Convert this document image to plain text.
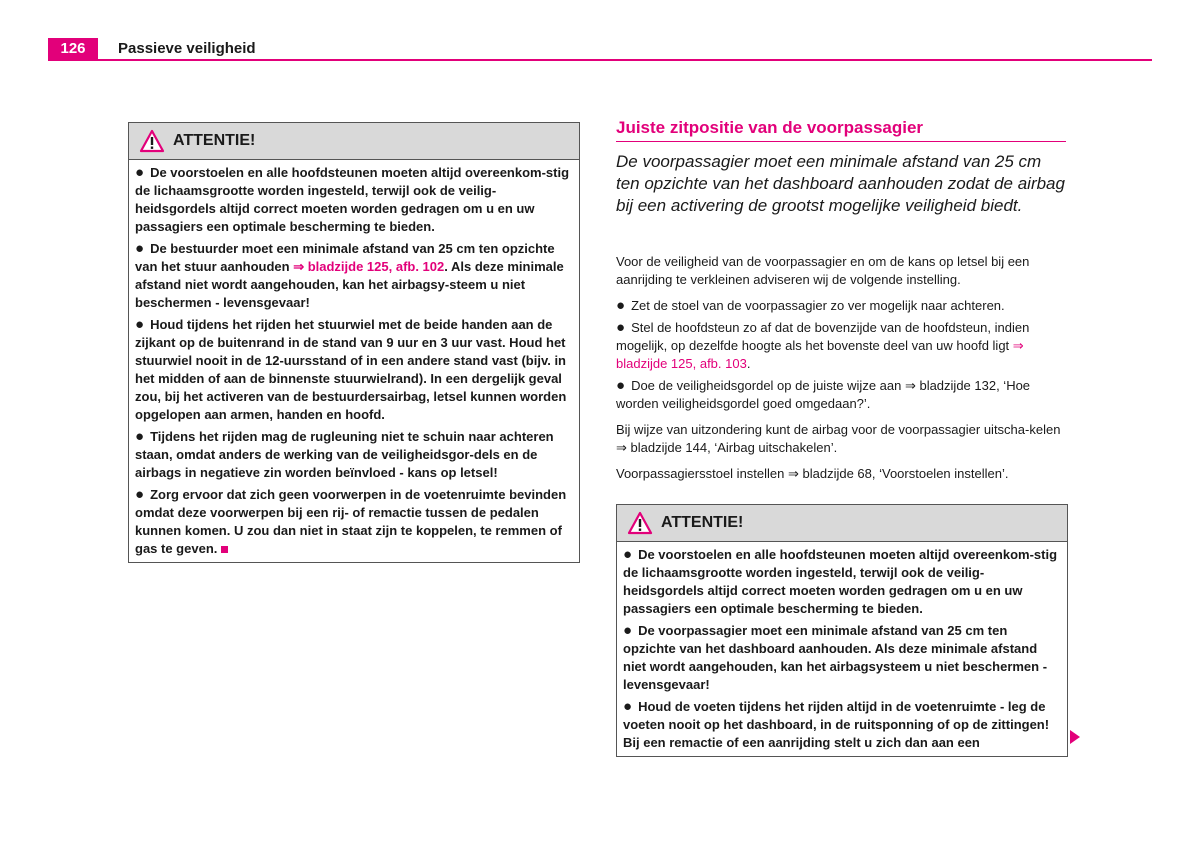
126	Passieve veiligheid
ATTENTIE!

● De voorstoelen en alle hoofdsteunen moeten altijd overeenkom-stig de lichaamsgrootte worden ingesteld, terwijl ook de veilig-heidsgordels altijd correct moeten worden gedragen om u en uw passagiers een optimale bescherming te bieden.

● De bestuurder moet een minimale afstand van 25 cm ten opzichte van het stuur aanhouden ⇒ bladzijde 125, afb. 102. Als deze minimale afstand niet wordt aangehouden, kan het airbagsy-steem u niet beschermen - levensgevaar!

● Houd tijdens het rijden het stuurwiel met de beide handen aan de zijkant op de buitenrand in de stand van 9 uur en 3 uur vast. Houd het stuurwiel nooit in de 12-uursstand of in een andere stand vast (bijv. in het midden of aan de binnenste stuurwielrand). In een dergelijk geval zou, bij het activeren van de bestuurdersairbag, letsel kunnen worden opgelopen aan armen, handen en hoofd.

● Tijdens het rijden mag de rugleuning niet te schuin naar achteren staan, omdat anders de werking van de veiligheidsgor-dels en de airbags in negatieve zin worden beïnvloed - kans op letsel!

● Zorg ervoor dat zich geen voorwerpen in de voetenruimte bevinden omdat deze voorwerpen bij een rij- of remactie tussen de pedalen kunnen komen. U zou dan niet in staat zijn te koppelen, te remmen of gas te geven.

Juiste zitpositie van de voorpassagier
De voorpassagier moet een minimale afstand van 25 cm ten opzichte van het dashboard aanhouden zodat de airbag bij een activering de grootst mogelijke veiligheid biedt.

Voor de veiligheid van de voorpassagier en om de kans op letsel bij een aanrijding te verkleinen adviseren wij de volgende instelling.

● Zet de stoel van de voorpassagier zo ver mogelijk naar achteren.

● Stel de hoofdsteun zo af dat de bovenzijde van de hoofdsteun, indien mogelijk, op dezelfde hoogte als het bovenste deel van uw hoofd ligt ⇒ bladzijde 125, afb. 103.

● Doe de veiligheidsgordel op de juiste wijze aan ⇒ bladzijde 132, ‘Hoe worden veiligheidsgordel goed omgedaan?’.

Bij wijze van uitzondering kunt de airbag voor de voorpassagier uitscha-kelen ⇒ bladzijde 144, ‘Airbag uitschakelen’.

Voorpassagiersstoel instellen ⇒ bladzijde 68, ‘Voorstoelen instellen’.

ATTENTIE!

● De voorstoelen en alle hoofdsteunen moeten altijd overeenkom-stig de lichaamsgrootte worden ingesteld, terwijl ook de veilig-heidsgordels altijd correct moeten worden gedragen om u en uw passagiers een optimale bescherming te bieden.

● De voorpassagier moet een minimale afstand van 25 cm ten opzichte van het dashboard aanhouden. Als deze minimale afstand niet wordt aangehouden, kan het airbagsysteem u niet beschermen - levensgevaar!

● Houd de voeten tijdens het rijden altijd in de voetenruimte - leg de voeten nooit op het dashboard, in de ruitsponning of op de zittingen! Bij een remactie of een aanrijding stelt u zich dan aan een
